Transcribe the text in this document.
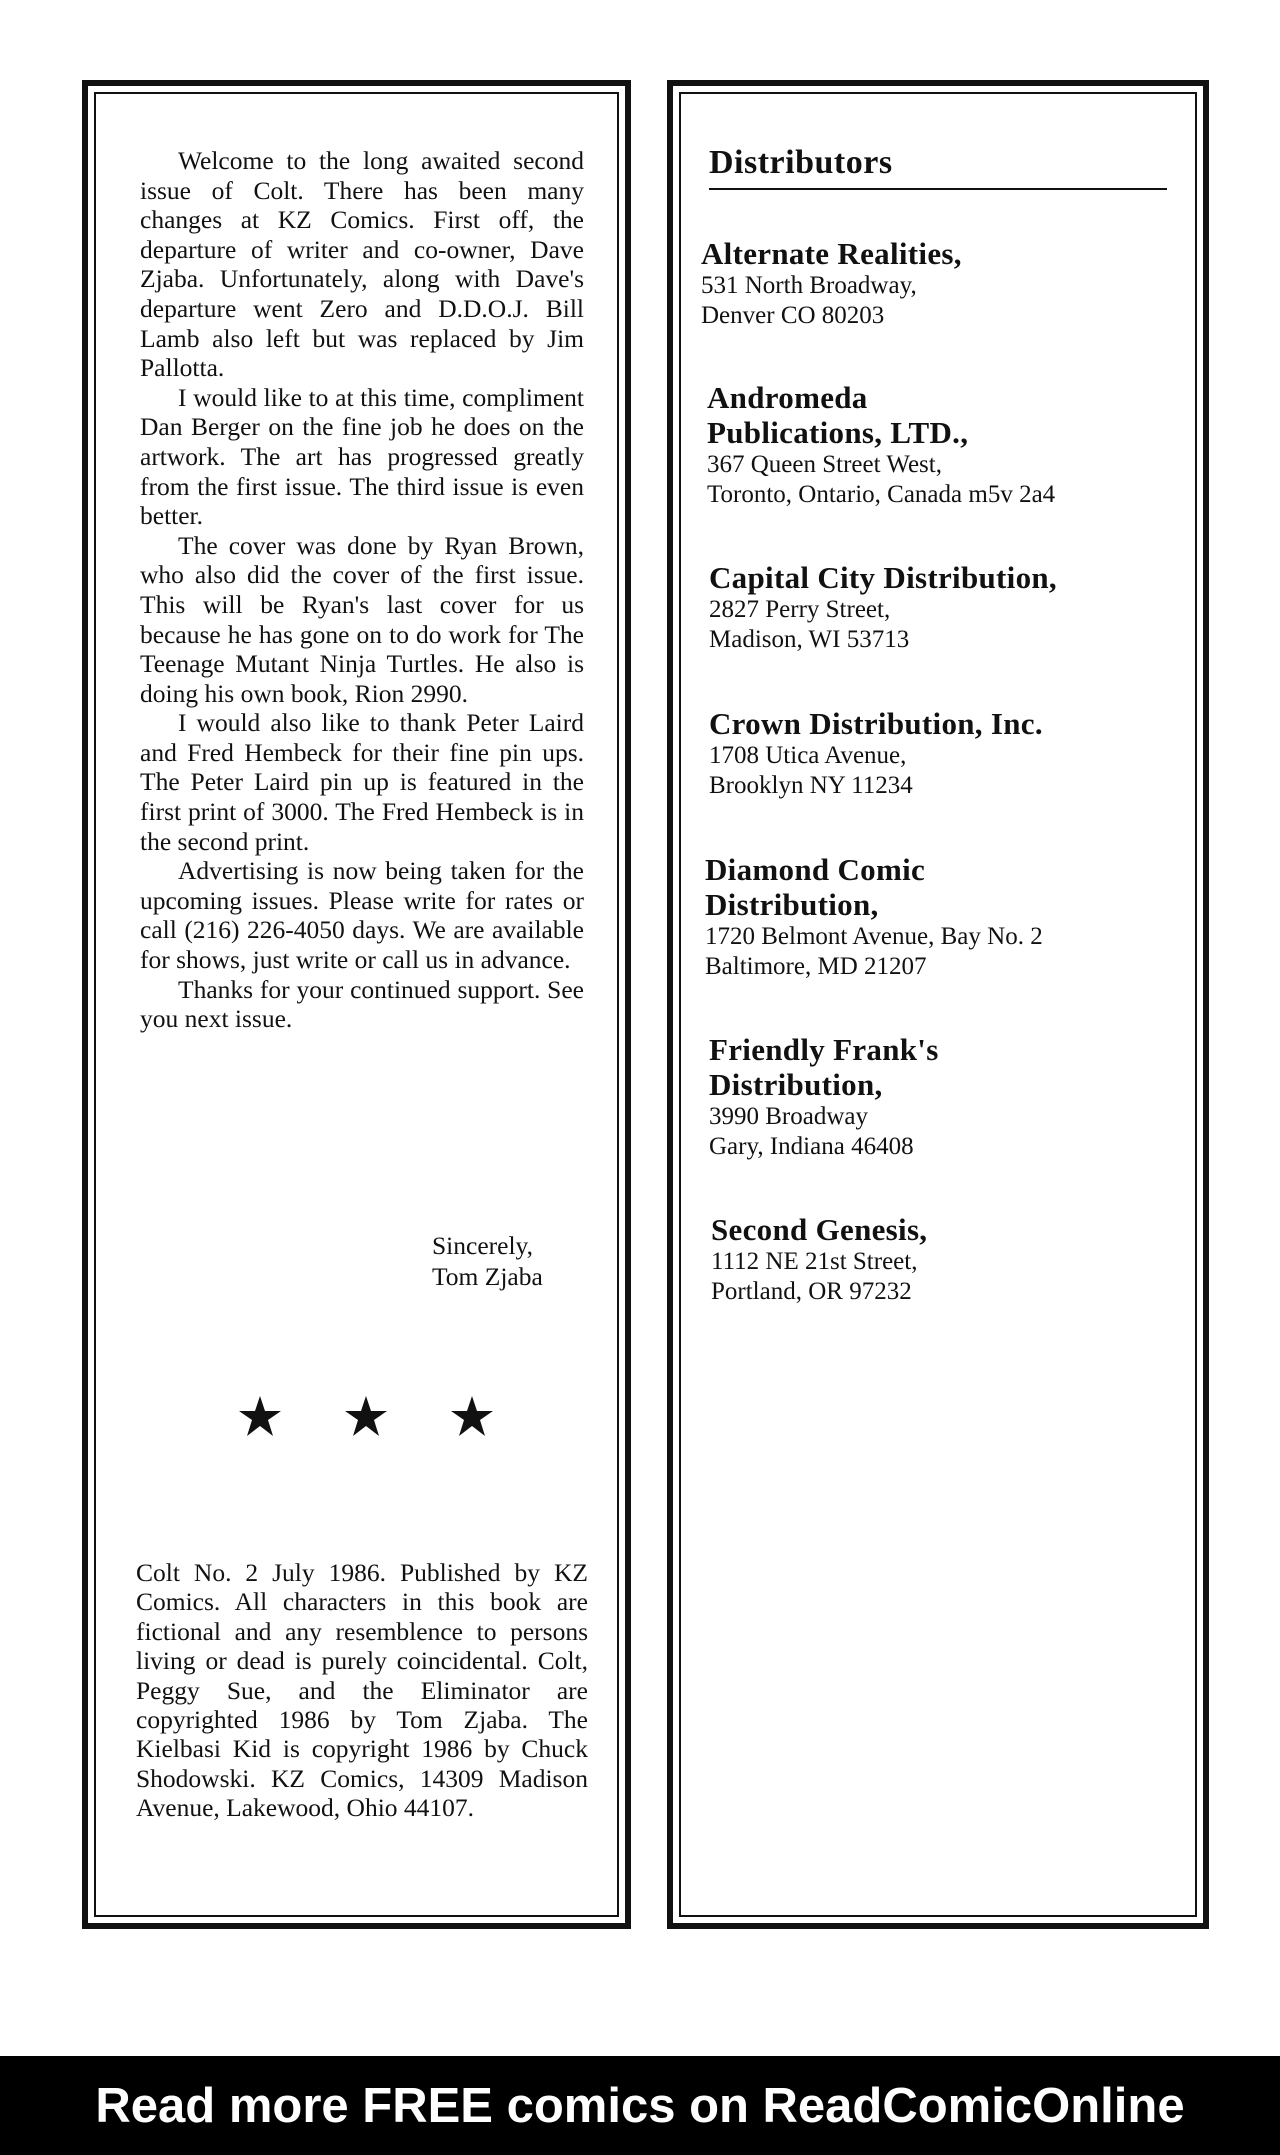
Welcome to the long awaited second issue of Colt. There has been many changes at KZ Comics. First off, the departure of writer and co-owner, Dave Zjaba. Unfortunately, along with Dave's departure went Zero and D.D.O.J. Bill Lamb also left but was replaced by Jim Pallotta.

I would like to at this time, compliment Dan Berger on the fine job he does on the artwork. The art has progressed greatly from the first issue. The third issue is even better.

The cover was done by Ryan Brown, who also did the cover of the first issue. This will be Ryan's last cover for us because he has gone on to do work for The Teenage Mutant Ninja Turtles. He also is doing his own book, Rion 2990.

I would also like to thank Peter Laird and Fred Hembeck for their fine pin ups. The Peter Laird pin up is featured in the first print of 3000. The Fred Hembeck is in the second print.

Advertising is now being taken for the upcoming issues. Please write for rates or call (216) 226-4050 days. We are available for shows, just write or call us in advance.

Thanks for your continued support. See you next issue.

Sincerely,
Tom Zjaba
Colt No. 2 July 1986. Published by KZ Comics. All characters in this book are fictional and any resemblence to persons living or dead is purely coincidental. Colt, Peggy Sue, and the Eliminator are copyrighted 1986 by Tom Zjaba. The Kielbasi Kid is copyright 1986 by Chuck Shodowski. KZ Comics, 14309 Madison Avenue, Lakewood, Ohio 44107.
Distributors
Alternate Realities,
531 North Broadway,
Denver CO 80203
Andromeda
Publications, LTD.,
367 Queen Street West,
Toronto, Ontario, Canada m5v 2a4
Capital City Distribution,
2827 Perry Street,
Madison, WI 53713
Crown Distribution, Inc.
1708 Utica Avenue,
Brooklyn NY 11234
Diamond Comic
Distribution,
1720 Belmont Avenue, Bay No. 2
Baltimore, MD 21207
Friendly Frank's
Distribution,
3990 Broadway
Gary, Indiana 46408
Second Genesis,
1112 NE 21st Street,
Portland, OR 97232
Read more FREE comics on ReadComicOnline
